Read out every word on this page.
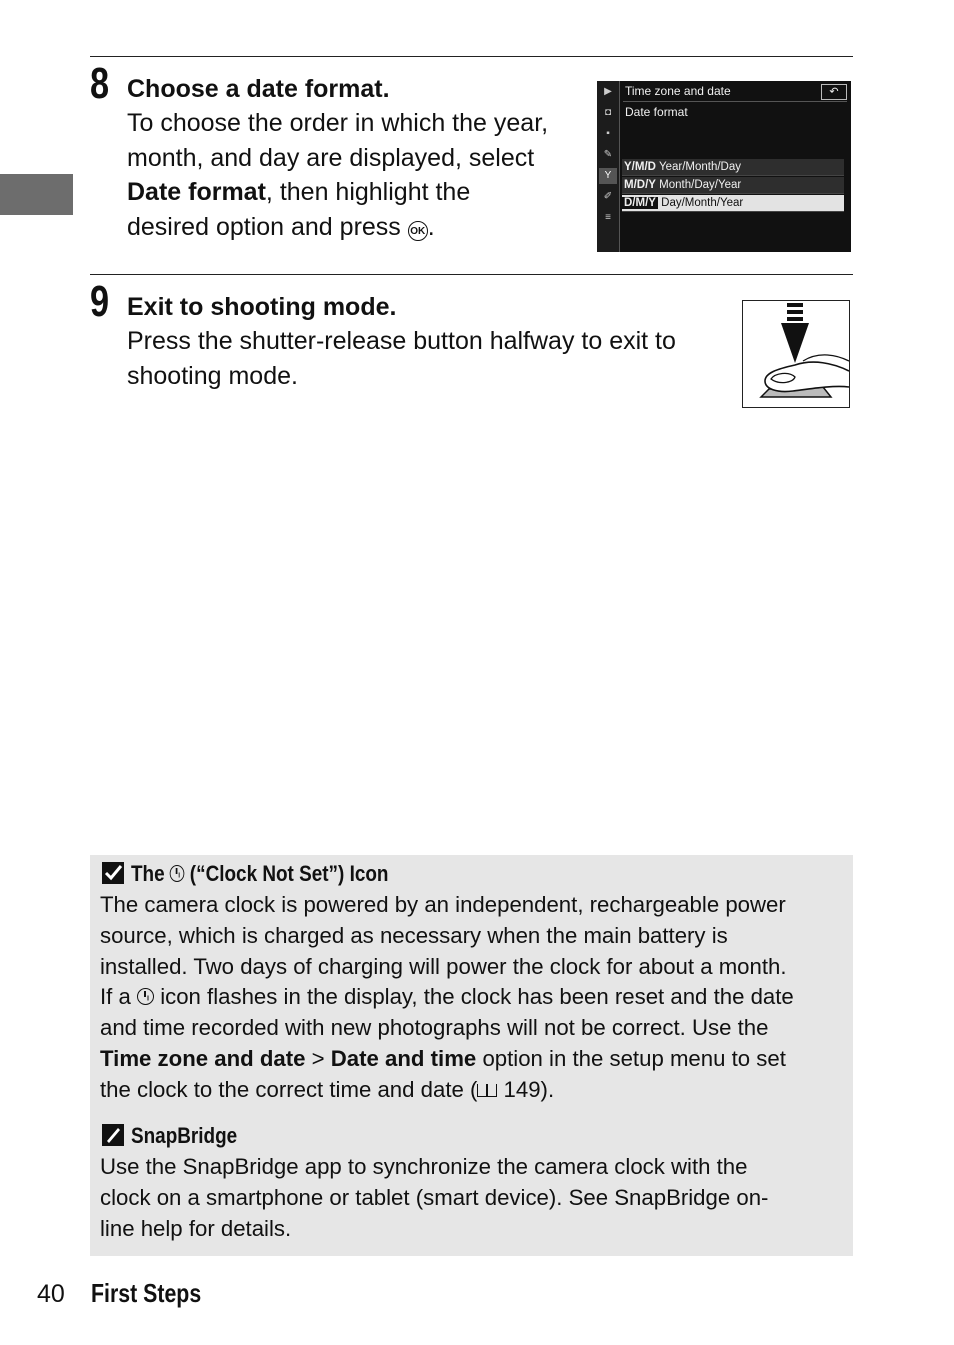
8 Choose a date format.
To choose the order in which the year,
month, and day are displayed, select
Date format, then highlight the
desired option and press OK .
▶
◘
▪
✎
Y
✐
≡
Time zone and date	↶
Date format
Y/M/D Year/Month/Day
M/D/Y Month/Day/Year
D/M/Y Day/Month/Year
9 Exit to shooting mode.
Press the shutter-release button halfway to exit to
shooting mode.
The (“Clock Not Set”) Icon
The camera clock is powered by an independent, rechargeable power
source, which is charged as necessary when the main battery is
installed. Two days of charging will power the clock for about a month.
If a icon flashes in the display, the clock has been reset and the date
and time recorded with new photographs will not be correct. Use the
Time zone and date > Date and time option in the setup menu to set
the clock to the correct time and date ( 149).
SnapBridge
Use the SnapBridge app to synchronize the camera clock with the
clock on a smartphone or tablet (smart device). See SnapBridge on-
line help for details.
40 First Steps
